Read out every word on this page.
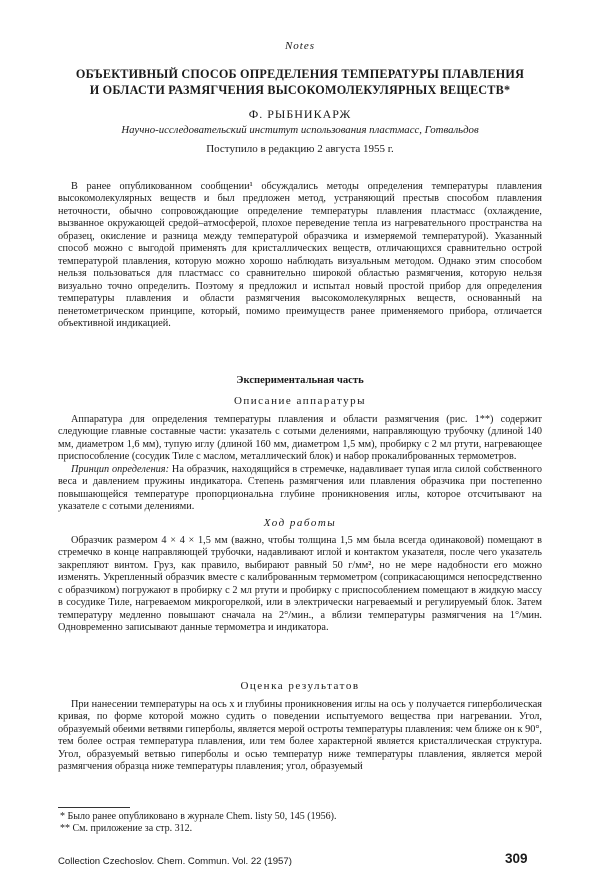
Notes
ОБЪЕКТИВНЫЙ СПОСОБ ОПРЕДЕЛЕНИЯ ТЕМПЕРАТУРЫ ПЛАВЛЕНИЯ
И ОБЛАСТИ РАЗМЯГЧЕНИЯ ВЫСОКОМОЛЕКУЛЯРНЫХ ВЕЩЕСТВ*
Ф. РЫБНИКАРЖ
Научно-исследовательский институт использования пластмасс, Готвальдов
Поступило в редакцию 2 августа 1955 г.

В ранее опубликованном сообщении¹ обсуждались методы определения температуры плавления высокомолекулярных веществ и был предложен метод, устраняющий престыв способом плавления неточности, обычно сопровождающие определение температуры плавления пластмасс (охлаждение, вызванное окружающей средой–атмосферой, плохое переведение тепла из нагревательного пространства на образец, окисление и разница между температурой образчика и измеряемой температурой). Указанный способ можно с выгодой применять для кристаллических веществ, отличающихся сравнительно острой температурой плавления, которую можно хорошо наблюдать визуальным методом. Однако этим способом нельзя пользоваться для пластмасс со сравнительно широкой областью размягчения, которую нельзя визуально точно определить. Поэтому я предложил и испытал новый простой прибор для определения температуры плавления и области размягчения высокомолекулярных веществ, основанный на пенетометрическом принципе, который, помимо преимуществ ранее применяемого прибора, отличается объективной индикацией.

Экспериментальная часть
Описание аппаратуры

Аппаратура для определения температуры плавления и области размягчения (рис. 1**) содержит следующие главные составные части: указатель с сотыми делениями, направляющую трубочку (длиной 140 мм, диаметром 1,6 мм), тупую иглу (длиной 160 мм, диаметром 1,5 мм), пробирку с 2 мл ртути, нагревающее приспособление (сосудик Тиле с маслом, металлический блок) и набор прокалиброванных термометров.

Принцип определения: На образчик, находящийся в стремечке, надавливает тупая игла силой собственного веса и давлением пружины индикатора. Степень размягчения или плавления образчика при постепенно повышающейся температуре пропорциональна глубине проникновения иглы, которое отсчитывают на указателе с сотыми делениями.

Ход работы

Образчик размером 4 × 4 × 1,5 мм (важно, чтобы толщина 1,5 мм была всегда одинаковой) помещают в стремечко в конце направляющей трубочки, надавливают иглой и контактом указателя, после чего указатель закрепляют винтом. Груз, как правило, выбирают равный 50 г/мм², но не мере надобности его можно изменять. Укрепленный образчик вместе с калиброванным термометром (соприкасающимся непосредственно с образчиком) погружают в пробирку с 2 мл ртути и пробирку с приспособлением помещают в жидкую массу в сосудике Тиле, нагреваемом микрогорелкой, или в электрически нагреваемый и регулируемый блок. Затем температуру медленно повышают сначала на 2°/мин., а вблизи температуры размягчения на 1°/мин. Одновременно записывают данные термометра и индикатора.

Оценка результатов

При нанесении температуры на ось x и глубины проникновения иглы на ось y получается гиперболическая кривая, по форме которой можно судить о поведении испытуемого вещества при нагревании. Угол, образуемый обеими ветвями гиперболы, является мерой остроты температуры плавления: чем ближе он к 90°, тем более острая температура плавления, или тем более характерной является кристаллическая структура. Угол, образуемый ветвью гиперболы и осью температур ниже температуры плавления, является мерой размягчения образца ниже температуры плавления; угол, образуемый

* Было ранее опубликовано в журнале Chem. listy 50, 145 (1956).
** См. приложение за стр. 312.
Collection Czechoslov. Chem. Commun. Vol. 22 (1957)	309
